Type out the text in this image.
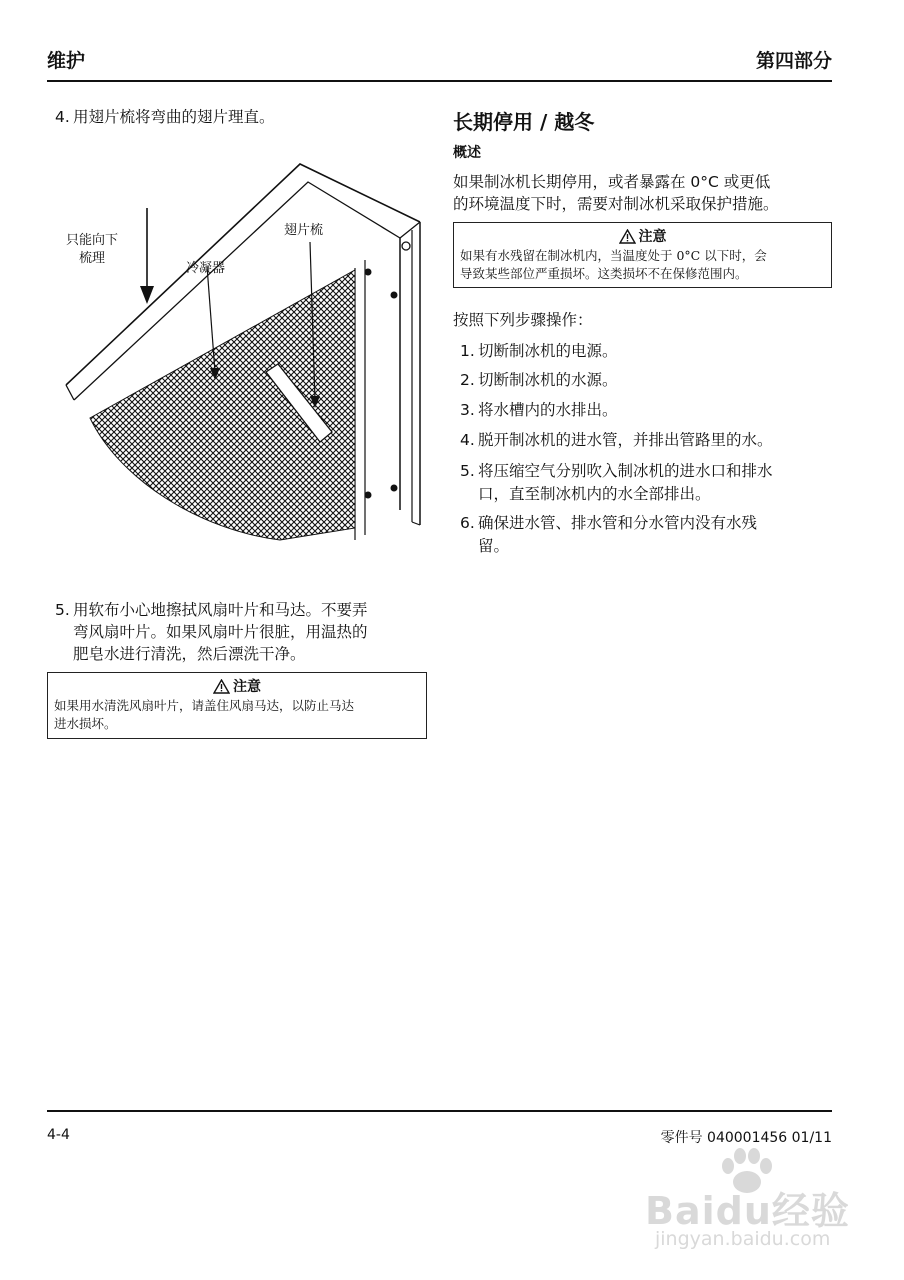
维护	第四部分
4. 用翅片梳将弯曲的翅片理直。
只能向下
梳理
冷凝器
翅片梳
5. 用软布小心地擦拭风扇叶片和马达。不要弄
弯风扇叶片。如果风扇叶片很脏，用温热的
肥皂水进行清洗，然后漂洗干净。
注意
如果用水清洗风扇叶片，请盖住风扇马达，以防止马达
进水损坏。
长期停用 / 越冬
概述
如果制冰机长期停用，或者暴露在 0°C 或更低
的环境温度下时，需要对制冰机采取保护措施。
注意
如果有水残留在制冰机内，当温度处于 0°C 以下时，会
导致某些部位严重损坏。这类损坏不在保修范围内。
按照下列步骤操作：
1. 切断制冰机的电源。
2. 切断制冰机的水源。
3. 将水槽内的水排出。
4. 脱开制冰机的进水管，并排出管路里的水。
5. 将压缩空气分别吹入制冰机的进水口和排水
口，直至制冰机内的水全部排出。
6. 确保进水管、排水管和分水管内没有水残
留。
4-4	零件号 040001456 01/11
Baidu经验
jingyan.baidu.com
